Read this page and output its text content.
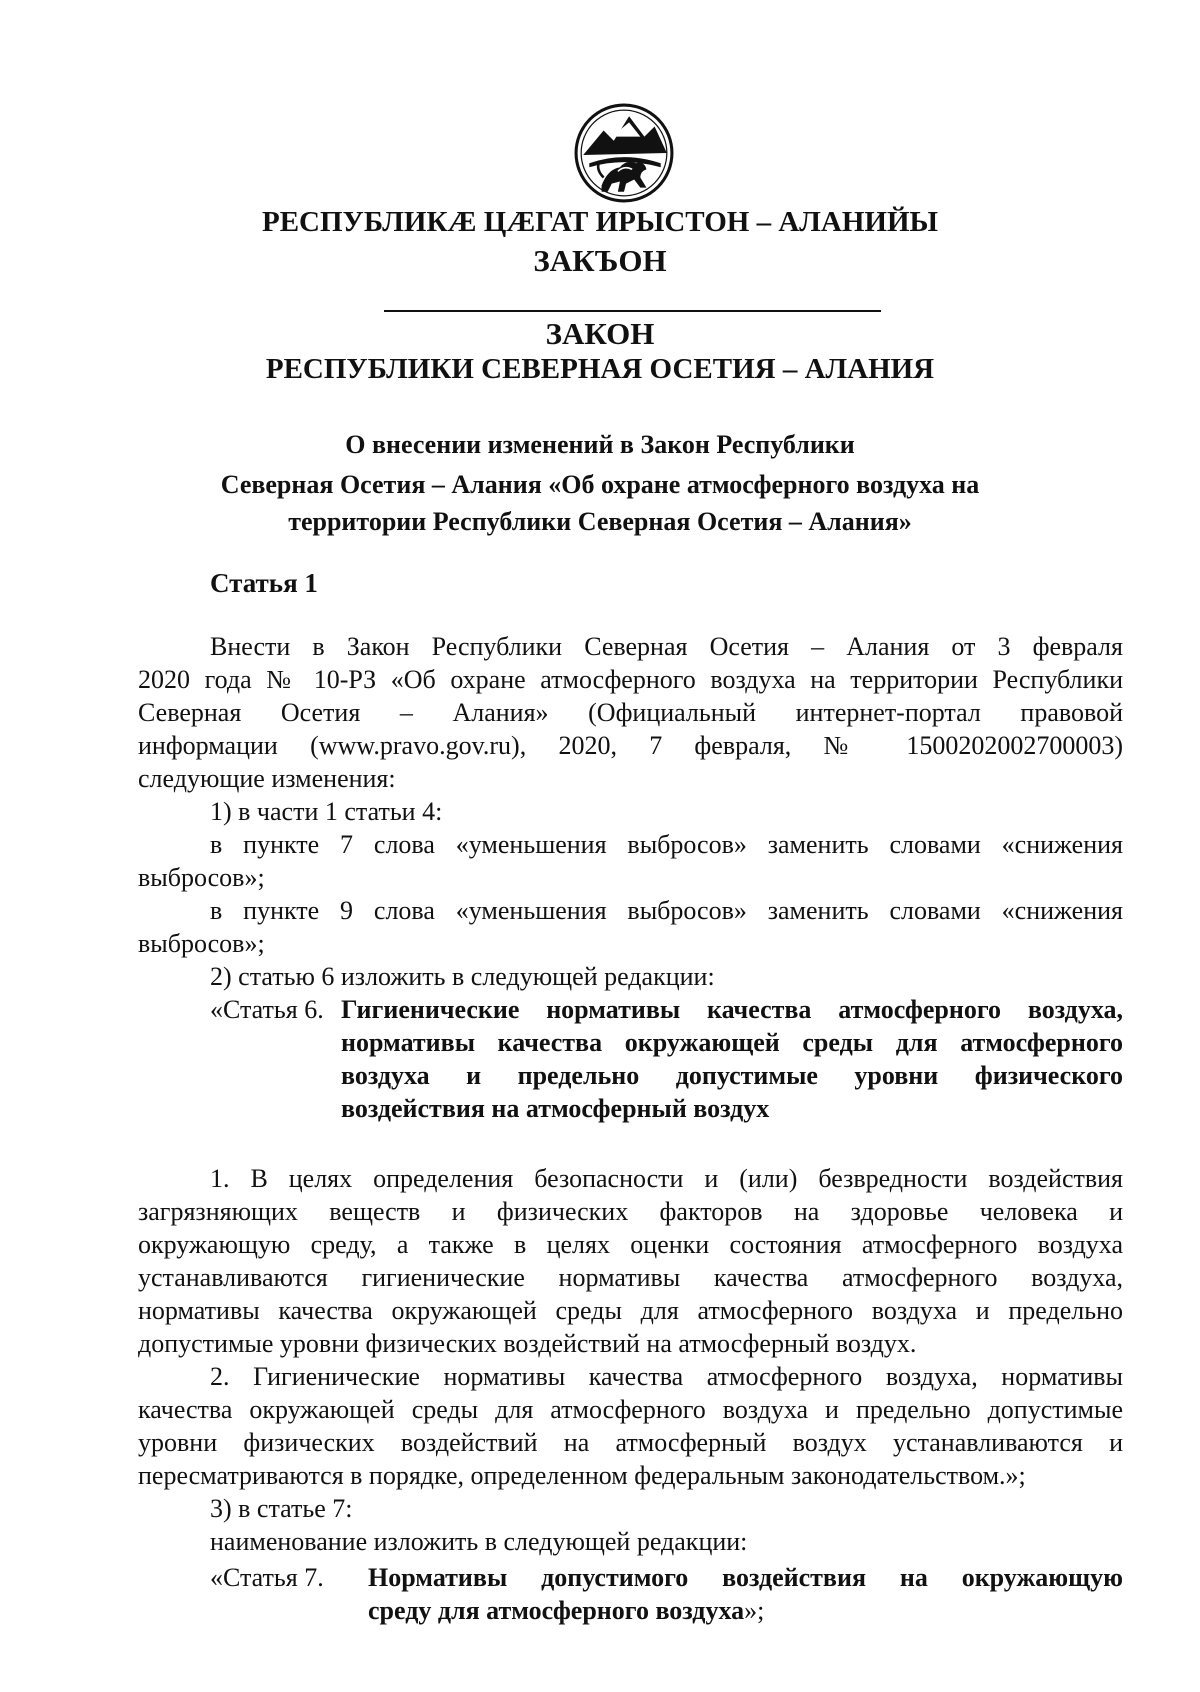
РЕСПУБЛИКӔ ЦӔГАТ ИРЫСТОН – АЛАНИЙЫ
ЗАКЪОН
ЗАКОН
РЕСПУБЛИКИ СЕВЕРНАЯ ОСЕТИЯ – АЛАНИЯ
О внесении изменений в Закон Республики
Северная Осетия – Алания «Об охране атмосферного воздуха на
территории Республики Северная Осетия – Алания»
Статья 1
Внести в Закон Республики Северная Осетия – Алания от 3 февраля
2020 года № 10-РЗ «Об охране атмосферного воздуха на территории Республики
Северная Осетия – Алания» (Официальный интернет-портал правовой
информации (www.pravo.gov.ru), 2020, 7 февраля, № 1500202002700003)
следующие изменения:
1) в части 1 статьи 4:
в пункте 7 слова «уменьшения выбросов» заменить словами «снижения
выбросов»;
в пункте 9 слова «уменьшения выбросов» заменить словами «снижения
выбросов»;
2) статью 6 изложить в следующей редакции:
«Статья 6. Гигиенические нормативы качества атмосферного воздуха,
нормативы качества окружающей среды для атмосферного
воздуха и предельно допустимые уровни физического
воздействия на атмосферный воздух
1. В целях определения безопасности и (или) безвредности воздействия
загрязняющих веществ и физических факторов на здоровье человека и
окружающую среду, а также в целях оценки состояния атмосферного воздуха
устанавливаются гигиенические нормативы качества атмосферного воздуха,
нормативы качества окружающей среды для атмосферного воздуха и предельно
допустимые уровни физических воздействий на атмосферный воздух.
2. Гигиенические нормативы качества атмосферного воздуха, нормативы
качества окружающей среды для атмосферного воздуха и предельно допустимые
уровни физических воздействий на атмосферный воздух устанавливаются и
пересматриваются в порядке, определенном федеральным законодательством.»;
3) в статье 7:
наименование изложить в следующей редакции:
«Статья 7. Нормативы допустимого воздействия на окружающую
среду для атмосферного воздуха»;
